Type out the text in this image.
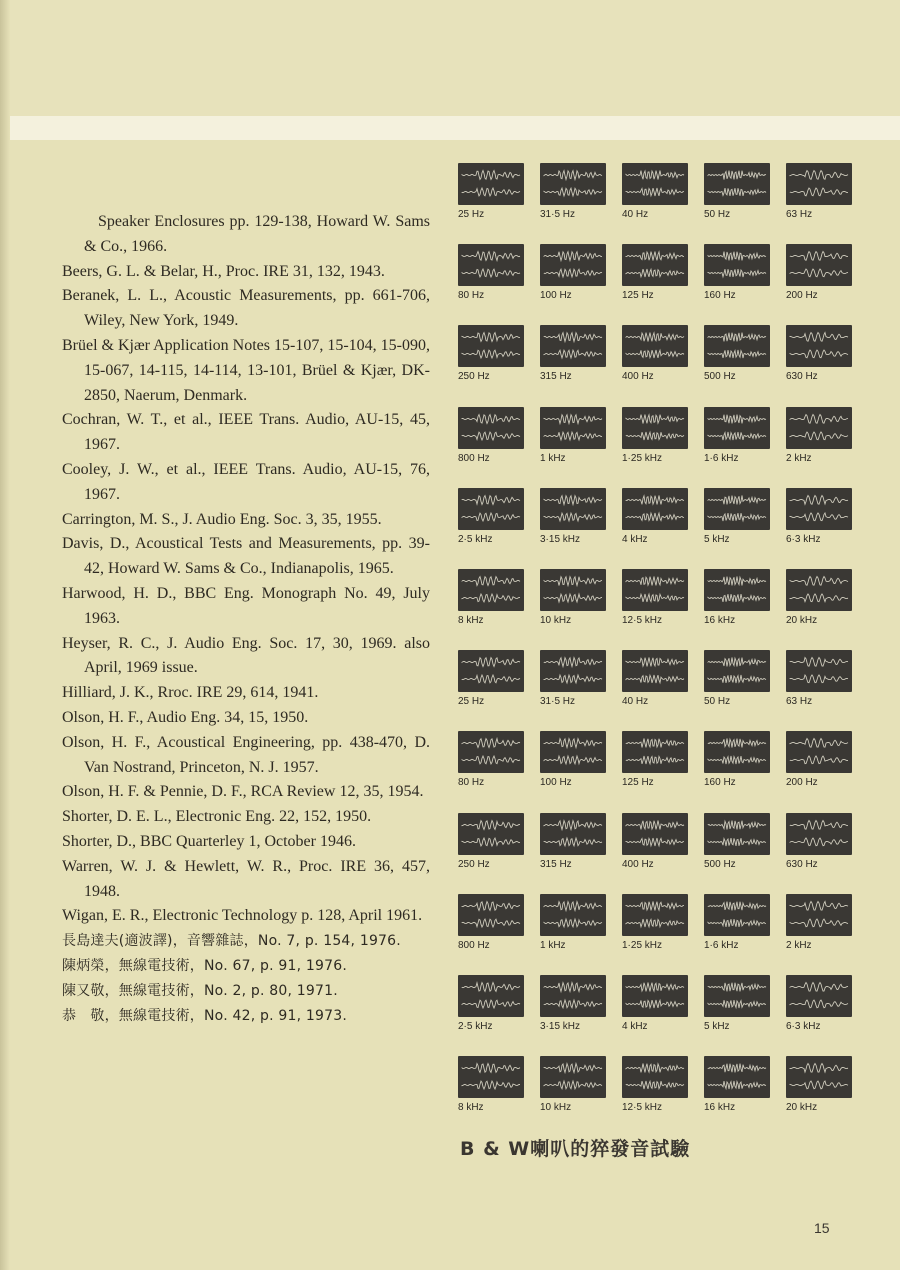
Speaker Enclosures pp. 129-138, Howard W. Sams & Co., 1966.
Beers, G. L. & Belar, H., Proc. IRE 31, 132, 1943.
Beranek, L. L., Acoustic Measurements, pp. 661-706, Wiley, New York, 1949.
Brüel & Kjær Application Notes 15-107, 15-104, 15-090, 15-067, 14-115, 14-114, 13-101, Brüel & Kjær, DK-2850, Naerum, Denmark.
Cochran, W. T., et al., IEEE Trans. Audio, AU-15, 45, 1967.
Cooley, J. W., et al., IEEE Trans. Audio, AU-15, 76, 1967.
Carrington, M. S., J. Audio Eng. Soc. 3, 35, 1955.
Davis, D., Acoustical Tests and Measurements, pp. 39-42, Howard W. Sams & Co., Indianapolis, 1965.
Harwood, H. D., BBC Eng. Monograph No. 49, July 1963.
Heyser, R. C., J. Audio Eng. Soc. 17, 30, 1969. also April, 1969 issue.
Hilliard, J. K., Rroc. IRE 29, 614, 1941.
Olson, H. F., Audio Eng. 34, 15, 1950.
Olson, H. F., Acoustical Engineering, pp. 438-470, D. Van Nostrand, Princeton, N. J. 1957.
Olson, H. F. & Pennie, D. F., RCA Review 12, 35, 1954.
Shorter, D. E. L., Electronic Eng. 22, 152, 1950.
Shorter, D., BBC Quarterley 1, October 1946.
Warren, W. J. & Hewlett, W. R., Proc. IRE 36, 457, 1948.
Wigan, E. R., Electronic Technology p. 128, April 1961.
長島達夫(適波譯)，音響雜誌，No. 7, p. 154, 1976.
陳炳榮，無線電技術，No. 67, p. 91, 1976.
陳又敬，無線電技術，No. 2, p. 80, 1971.
恭　敬，無線電技術，No. 42, p. 91, 1973.
25 Hz	31·5 Hz	40 Hz	50 Hz	63 Hz
80 Hz	100 Hz	125 Hz	160 Hz	200 Hz
250 Hz	315 Hz	400 Hz	500 Hz	630 Hz
800 Hz	1 kHz	1·25 kHz	1·6 kHz	2 kHz
2·5 kHz	3·15 kHz	4 kHz	5 kHz	6·3 kHz
8 kHz	10 kHz	12·5 kHz	16 kHz	20 kHz
25 Hz	31·5 Hz	40 Hz	50 Hz	63 Hz
80 Hz	100 Hz	125 Hz	160 Hz	200 Hz
250 Hz	315 Hz	400 Hz	500 Hz	630 Hz
800 Hz	1 kHz	1·25 kHz	1·6 kHz	2 kHz
2·5 kHz	3·15 kHz	4 kHz	5 kHz	6·3 kHz
8 kHz	10 kHz	12·5 kHz	16 kHz	20 kHz
B & W喇叭的猝發音試驗
15
